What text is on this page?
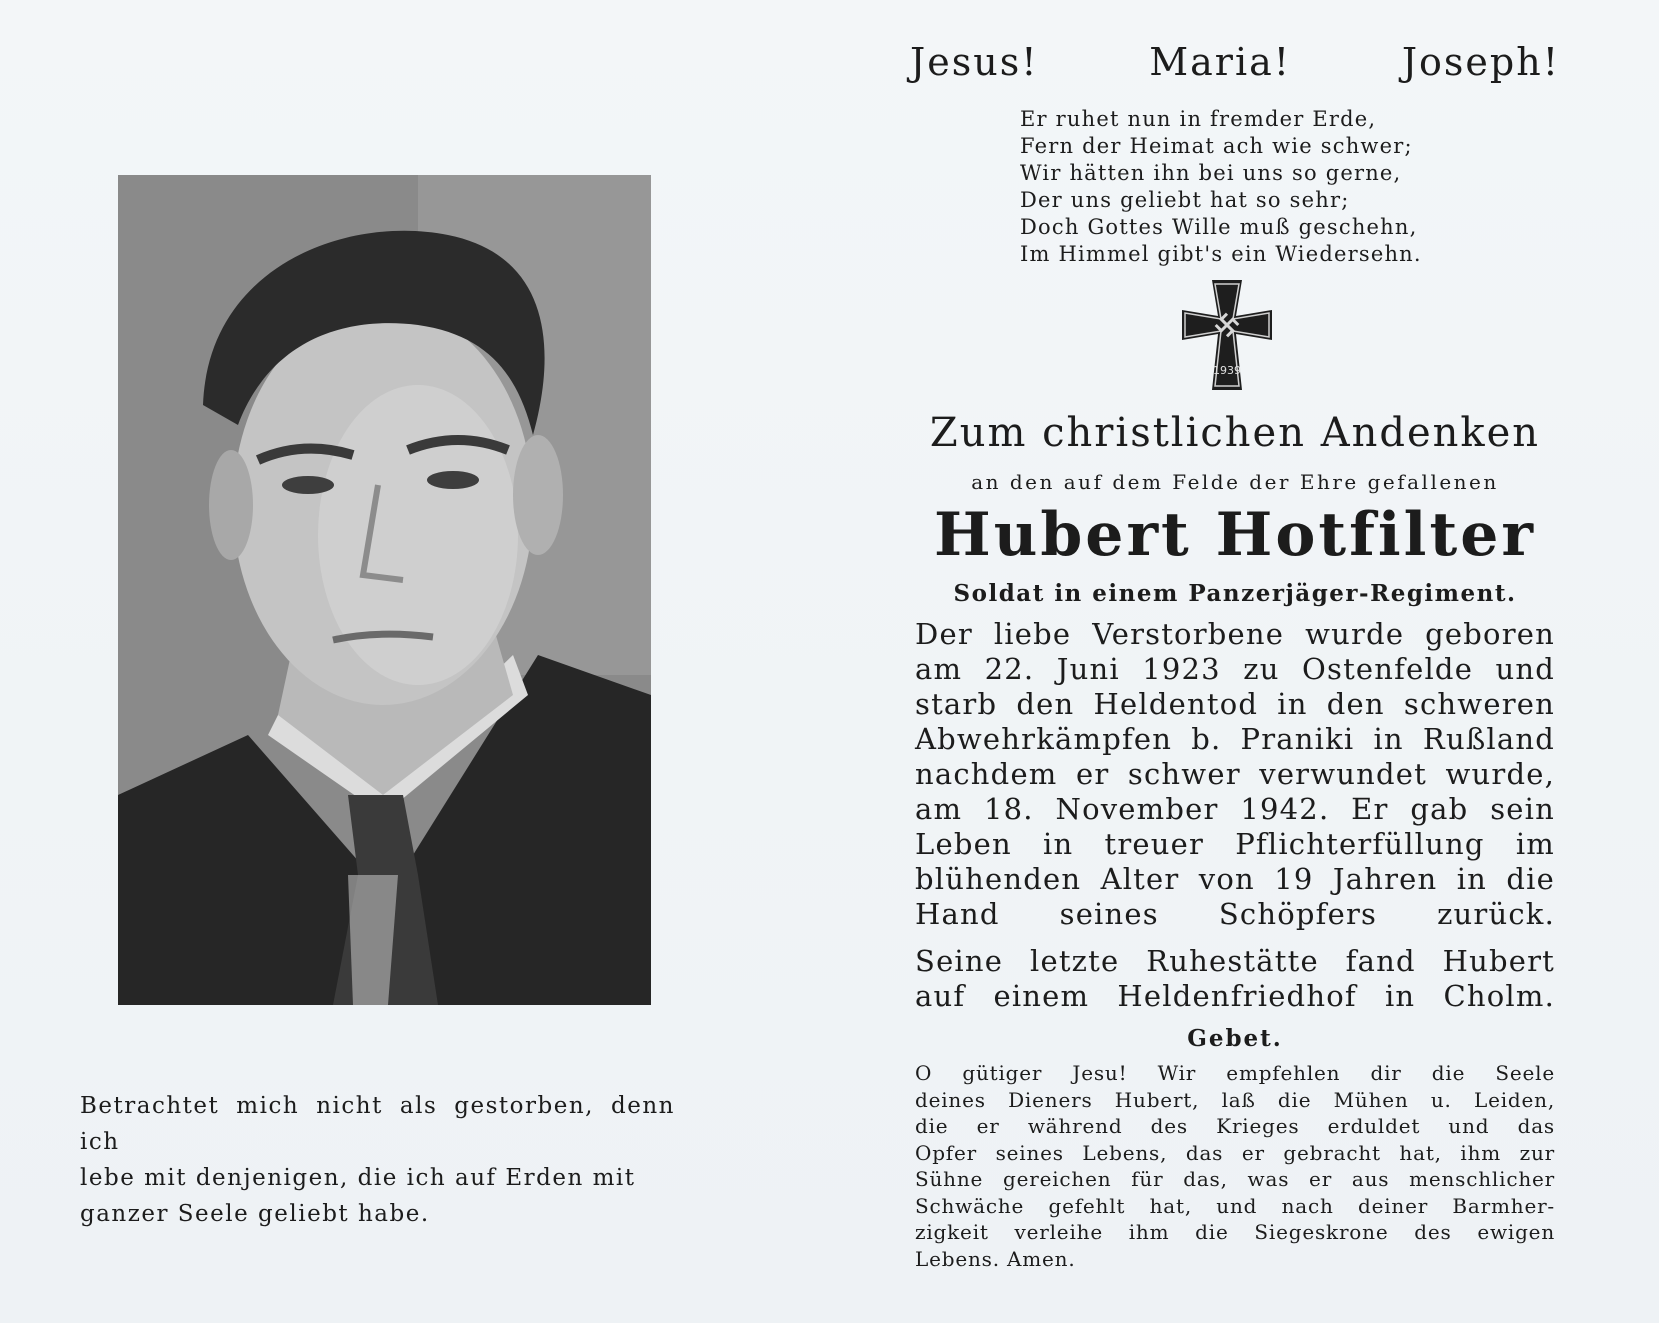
Betrachtet mich nicht als gestorben, denn ich
lebe mit denjenigen, die ich auf Erden mit
ganzer Seele geliebt habe.
Jesus!	Maria!	Joseph!
Er ruhet nun in fremder Erde,
Fern der Heimat ach wie schwer;
Wir hätten ihn bei uns so gerne,
Der uns geliebt hat so sehr;
Doch Gottes Wille muß geschehn,
Im Himmel gibt's ein Wiedersehn.
1939
Zum christlichen Andenken
an den auf dem Felde der Ehre gefallenen
Hubert Hotfilter
Soldat in einem Panzerjäger-Regiment.
Der liebe Verstorbene wurde geboren
am 22. Juni 1923 zu Ostenfelde und
starb den Heldentod in den schweren
Abwehrkämpfen b. Praniki in Rußland
nachdem er schwer verwundet wurde,
am 18. November 1942. Er gab sein
Leben in treuer Pflichterfüllung im
blühenden Alter von 19 Jahren in die
Hand seines Schöpfers zurück.
Seine letzte Ruhestätte fand Hubert
auf einem Heldenfriedhof in Cholm.
Gebet.
O gütiger Jesu! Wir empfehlen dir die Seele
deines Dieners Hubert, laß die Mühen u. Leiden,
die er während des Krieges erduldet und das
Opfer seines Lebens, das er gebracht hat, ihm zur
Sühne gereichen für das, was er aus menschlicher
Schwäche gefehlt hat, und nach deiner Barmher-
zigkeit verleihe ihm die Siegeskrone des ewigen
Lebens. Amen.
